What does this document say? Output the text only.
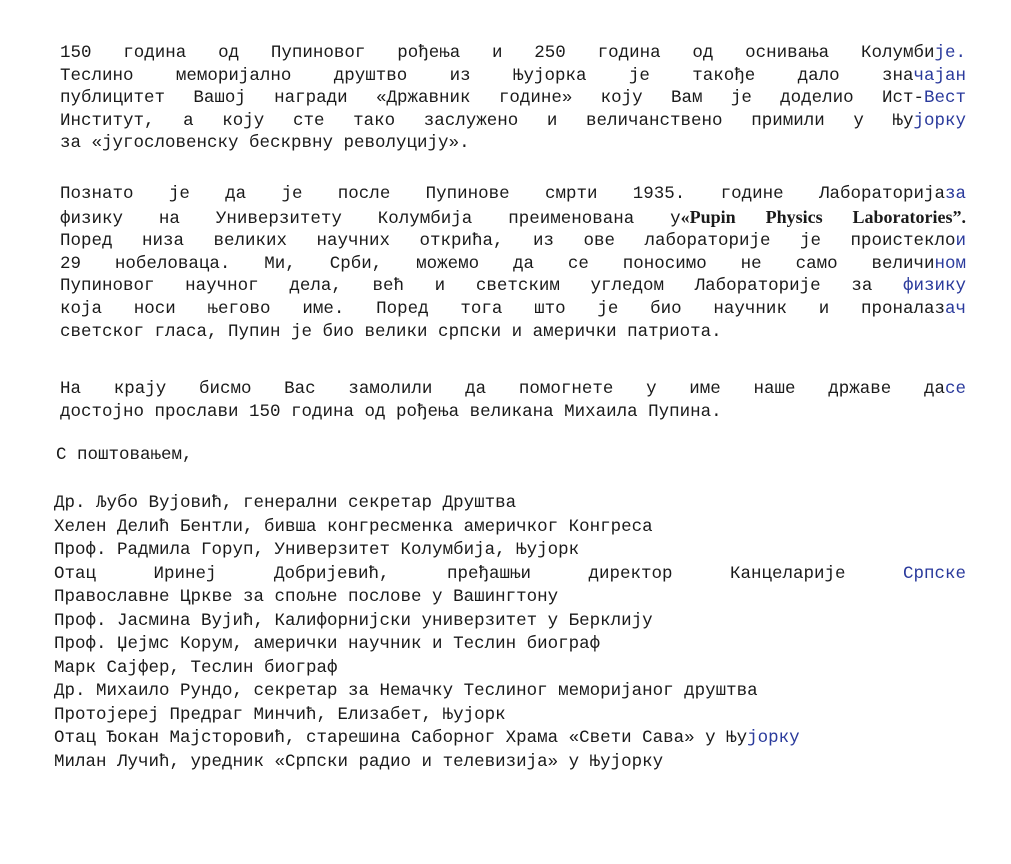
150 година од Пупиновог рођења и 250 година од оснивања Колумбије.
Теслино меморијално друштво из Њујорка је такође дало значајан
публицитет Вашој награди «Државник године» коју Вам је доделио Ист-Вест
Институт, а коју сте тако заслужено и величанствено примили у Њујорку
за «југословенску бескрвну револуцију».
Познато је да је после Пупинове смрти 1935. године Лабораторијаза
физику на Универзитету Колумбија преименована у«Pupin Physics Laboratories”.
Поред низа великих научних открића, из ове лабораторије је проистеклои
29 нобеловаца. Ми, Срби, можемо да се поносимо не само величином
Пупиновог научног дела, већ и светским угледом Лабораторије за физику
која носи његово име. Поред тога што је био научник и проналазач
светског гласа, Пупин је био велики српски и амерички патриота.
На крају бисмо Вас замолили да помогнете у име наше државе дасе
достојно прослави 150 година од рођења великана Михаила Пупина.
С поштовањем,
Др. Љубо Вујовић, генерални секретар Друштва
Хелен Делић Бентли, бивша конгресменка америчког Конгреса
Проф. Радмила Горуп, Универзитет Колумбија, Њујорк
Отац Иринеј Добријевић, пређашњи директор Канцеларије	Српске
Православне Цркве за спољне послове у Вашингтону
Проф. Јасмина Вујић, Калифорнијски универзитет у Берклију
Проф. Џејмс Корум, амерички научник и Теслин биограф
Марк Сајфер, Теслин биограф
Др. Михаило Рундо, секретар за Немачку Теслиног меморијаног друштва
Протојереј Предраг Минчић, Елизабет, Њујорк
Отац Ђокан Мајсторовић, старешина Саборног Храма «Свети Сава» у Њујорку
Милан Лучић, уредник «Српски радио и телевизија» у Њујорку
